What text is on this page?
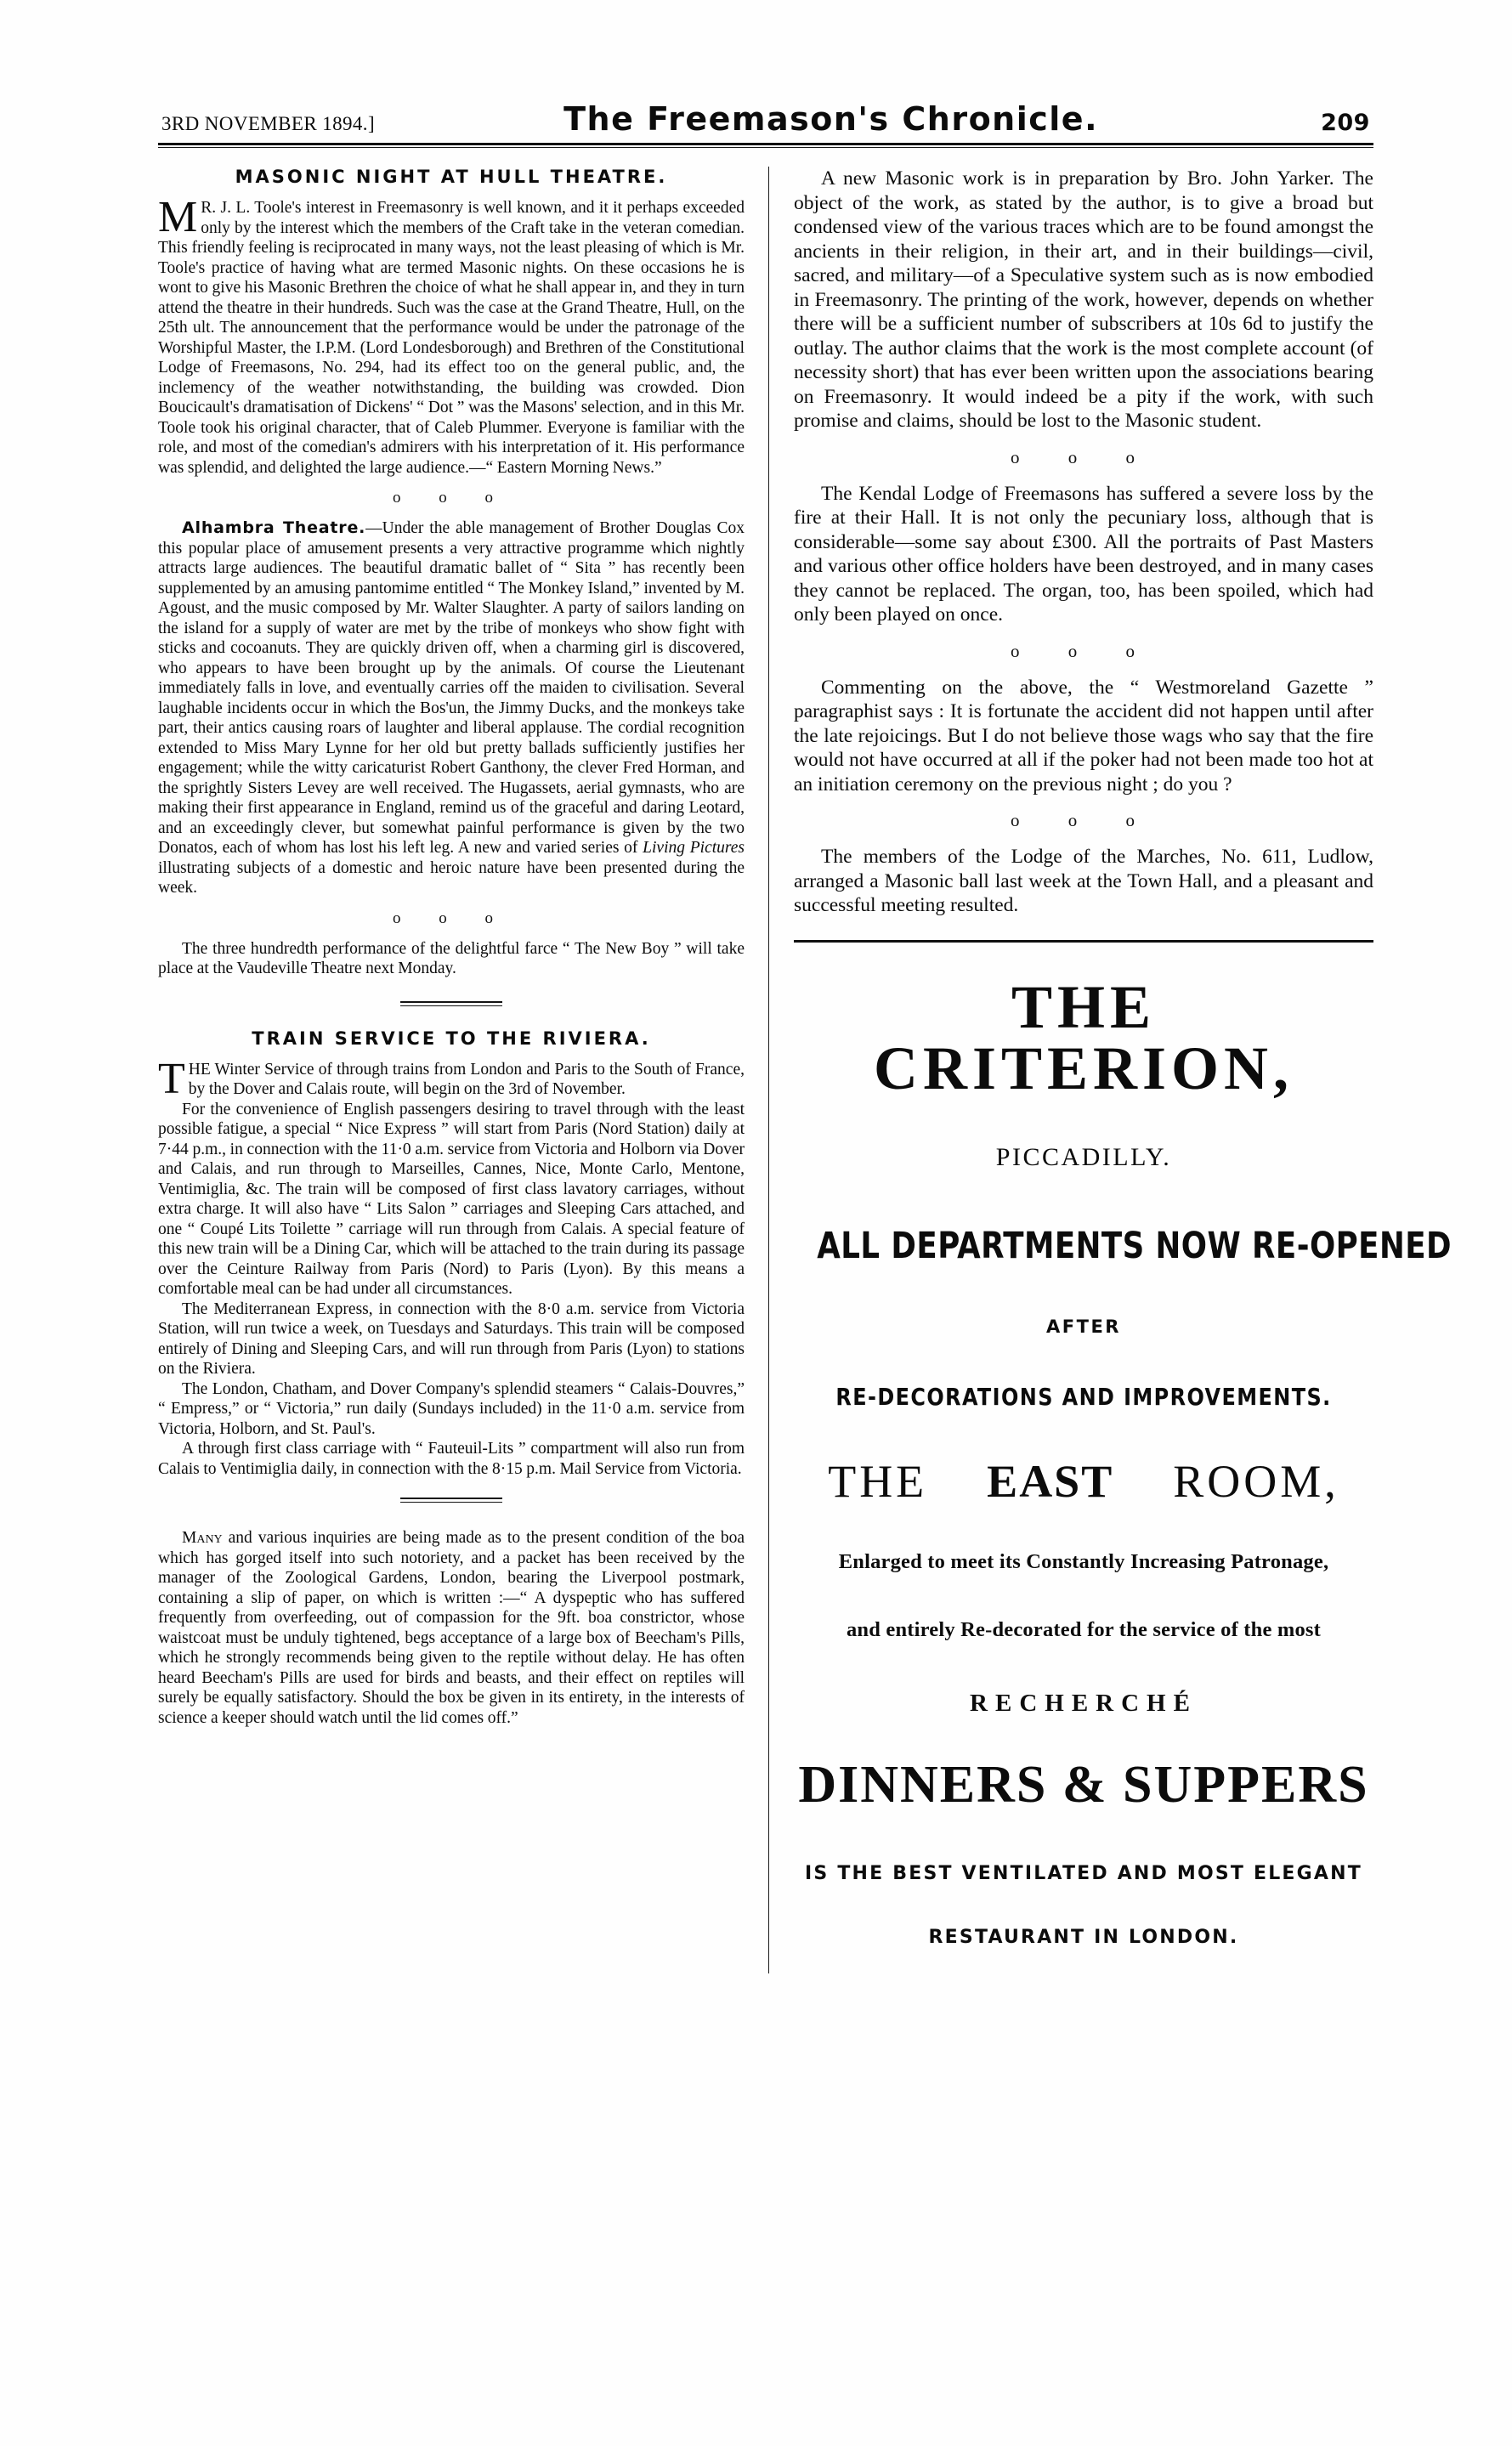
3RD NOVEMBER 1894.]	The Freemason's Chronicle.	209
MASONIC NIGHT AT HULL THEATRE.

M R. J. L. Toole's interest in Freemasonry is well known, and it it perhaps exceeded only by the interest which the members of the Craft take in the veteran comedian. This friendly feeling is reciprocated in many ways, not the least pleasing of which is Mr. Toole's practice of having what are termed Masonic nights. On these occasions he is wont to give his Masonic Brethren the choice of what he shall appear in, and they in turn attend the theatre in their hundreds. Such was the case at the Grand Theatre, Hull, on the 25th ult. The announcement that the performance would be under the patronage of the Worshipful Master, the I.P.M. (Lord Londesborough) and Brethren of the Constitutional Lodge of Freemasons, No. 294, had its effect too on the general public, and, the inclemency of the weather notwithstanding, the building was crowded. Dion Boucicault's dramatisation of Dickens' “ Dot ” was the Masons' selection, and in this Mr. Toole took his original character, that of Caleb Plummer. Everyone is familiar with the role, and most of the comedian's admirers with his interpretation of it. His performance was splendid, and delighted the large audience.—“ Eastern Morning News.”

o o o

Alhambra Theatre.—Under the able management of Brother Douglas Cox this popular place of amusement presents a very attractive programme which nightly attracts large audiences. The beautiful dramatic ballet of “ Sita ” has recently been supplemented by an amusing pantomime entitled “ The Monkey Island,” invented by M. Agoust, and the music composed by Mr. Walter Slaughter. A party of sailors landing on the island for a supply of water are met by the tribe of monkeys who show fight with sticks and cocoanuts. They are quickly driven off, when a charming girl is discovered, who appears to have been brought up by the animals. Of course the Lieutenant immediately falls in love, and eventually carries off the maiden to civilisation. Several laughable incidents occur in which the Bos'un, the Jimmy Ducks, and the monkeys take part, their antics causing roars of laughter and liberal applause. The cordial recognition extended to Miss Mary Lynne for her old but pretty ballads sufficiently justifies her engagement; while the witty caricaturist Robert Ganthony, the clever Fred Horman, and the sprightly Sisters Levey are well received. The Hugassets, aerial gymnasts, who are making their first appearance in England, remind us of the graceful and daring Leotard, and an exceedingly clever, but somewhat painful performance is given by the two Donatos, each of whom has lost his left leg. A new and varied series of Living Pictures illustrating subjects of a domestic and heroic nature have been presented during the week.

o o o

The three hundredth performance of the delightful farce “ The New Boy ” will take place at the Vaudeville Theatre next Monday.

TRAIN SERVICE TO THE RIVIERA.

THE Winter Service of through trains from London and Paris to the South of France, by the Dover and Calais route, will begin on the 3rd of November.

For the convenience of English passengers desiring to travel through with the least possible fatigue, a special “ Nice Express ” will start from Paris (Nord Station) daily at 7·44 p.m., in connection with the 11·0 a.m. service from Victoria and Holborn via Dover and Calais, and run through to Marseilles, Cannes, Nice, Monte Carlo, Mentone, Ventimiglia, &c. The train will be composed of first class lavatory carriages, without extra charge. It will also have “ Lits Salon ” carriages and Sleeping Cars attached, and one “ Coupé Lits Toilette ” carriage will run through from Calais. A special feature of this new train will be a Dining Car, which will be attached to the train during its passage over the Ceinture Railway from Paris (Nord) to Paris (Lyon). By this means a comfortable meal can be had under all circumstances.

The Mediterranean Express, in connection with the 8·0 a.m. service from Victoria Station, will run twice a week, on Tuesdays and Saturdays. This train will be composed entirely of Dining and Sleeping Cars, and will run through from Paris (Lyon) to stations on the Riviera.

The London, Chatham, and Dover Company's splendid steamers “ Calais-Douvres,” “ Empress,” or “ Victoria,” run daily (Sundays included) in the 11·0 a.m. service from Victoria, Holborn, and St. Paul's.

A through first class carriage with “ Fauteuil-Lits ” compartment will also run from Calais to Ventimiglia daily, in connection with the 8·15 p.m. Mail Service from Victoria.

Many and various inquiries are being made as to the present condition of the boa which has gorged itself into such notoriety, and a packet has been received by the manager of the Zoological Gardens, London, bearing the Liverpool postmark, containing a slip of paper, on which is written :—“ A dyspeptic who has suffered frequently from overfeeding, out of compassion for the 9ft. boa constrictor, whose waistcoat must be unduly tightened, begs acceptance of a large box of Beecham's Pills, which he strongly recommends being given to the reptile without delay. He has often heard Beecham's Pills are used for birds and beasts, and their effect on reptiles will surely be equally satisfactory. Should the box be given in its entirety, in the interests of science a keeper should watch until the lid comes off.”

A new Masonic work is in preparation by Bro. John Yarker. The object of the work, as stated by the author, is to give a broad but condensed view of the various traces which are to be found amongst the ancients in their religion, in their art, and in their buildings—civil, sacred, and military—of a Speculative system such as is now embodied in Freemasonry. The printing of the work, however, depends on whether there will be a sufficient number of subscribers at 10s 6d to justify the outlay. The author claims that the work is the most complete account (of necessity short) that has ever been written upon the associations bearing on Freemasonry. It would indeed be a pity if the work, with such promise and claims, should be lost to the Masonic student.

o o o

The Kendal Lodge of Freemasons has suffered a severe loss by the fire at their Hall. It is not only the pecuniary loss, although that is considerable—some say about £300. All the portraits of Past Masters and various other office holders have been destroyed, and in many cases they cannot be replaced. The organ, too, has been spoiled, which had only been played on once.

o o o

Commenting on the above, the “ Westmoreland Gazette ” paragraphist says : It is fortunate the accident did not happen until after the late rejoicings. But I do not believe those wags who say that the fire would not have occurred at all if the poker had not been made too hot at an initiation ceremony on the previous night ; do you ?

o o o

The members of the Lodge of the Marches, No. 611, Ludlow, arranged a Masonic ball last week at the Town Hall, and a pleasant and successful meeting resulted.

THE CRITERION,
PICCADILLY.
ALL DEPARTMENTS NOW RE-OPENED
AFTER
RE-DECORATIONS AND IMPROVEMENTS.
THE EAST ROOM,
Enlarged to meet its Constantly Increasing Patronage,
and entirely Re-decorated for the service of the most
RECHERCHÉ
DINNERS & SUPPERS
IS THE BEST VENTILATED AND MOST ELEGANT
RESTAURANT IN LONDON.
